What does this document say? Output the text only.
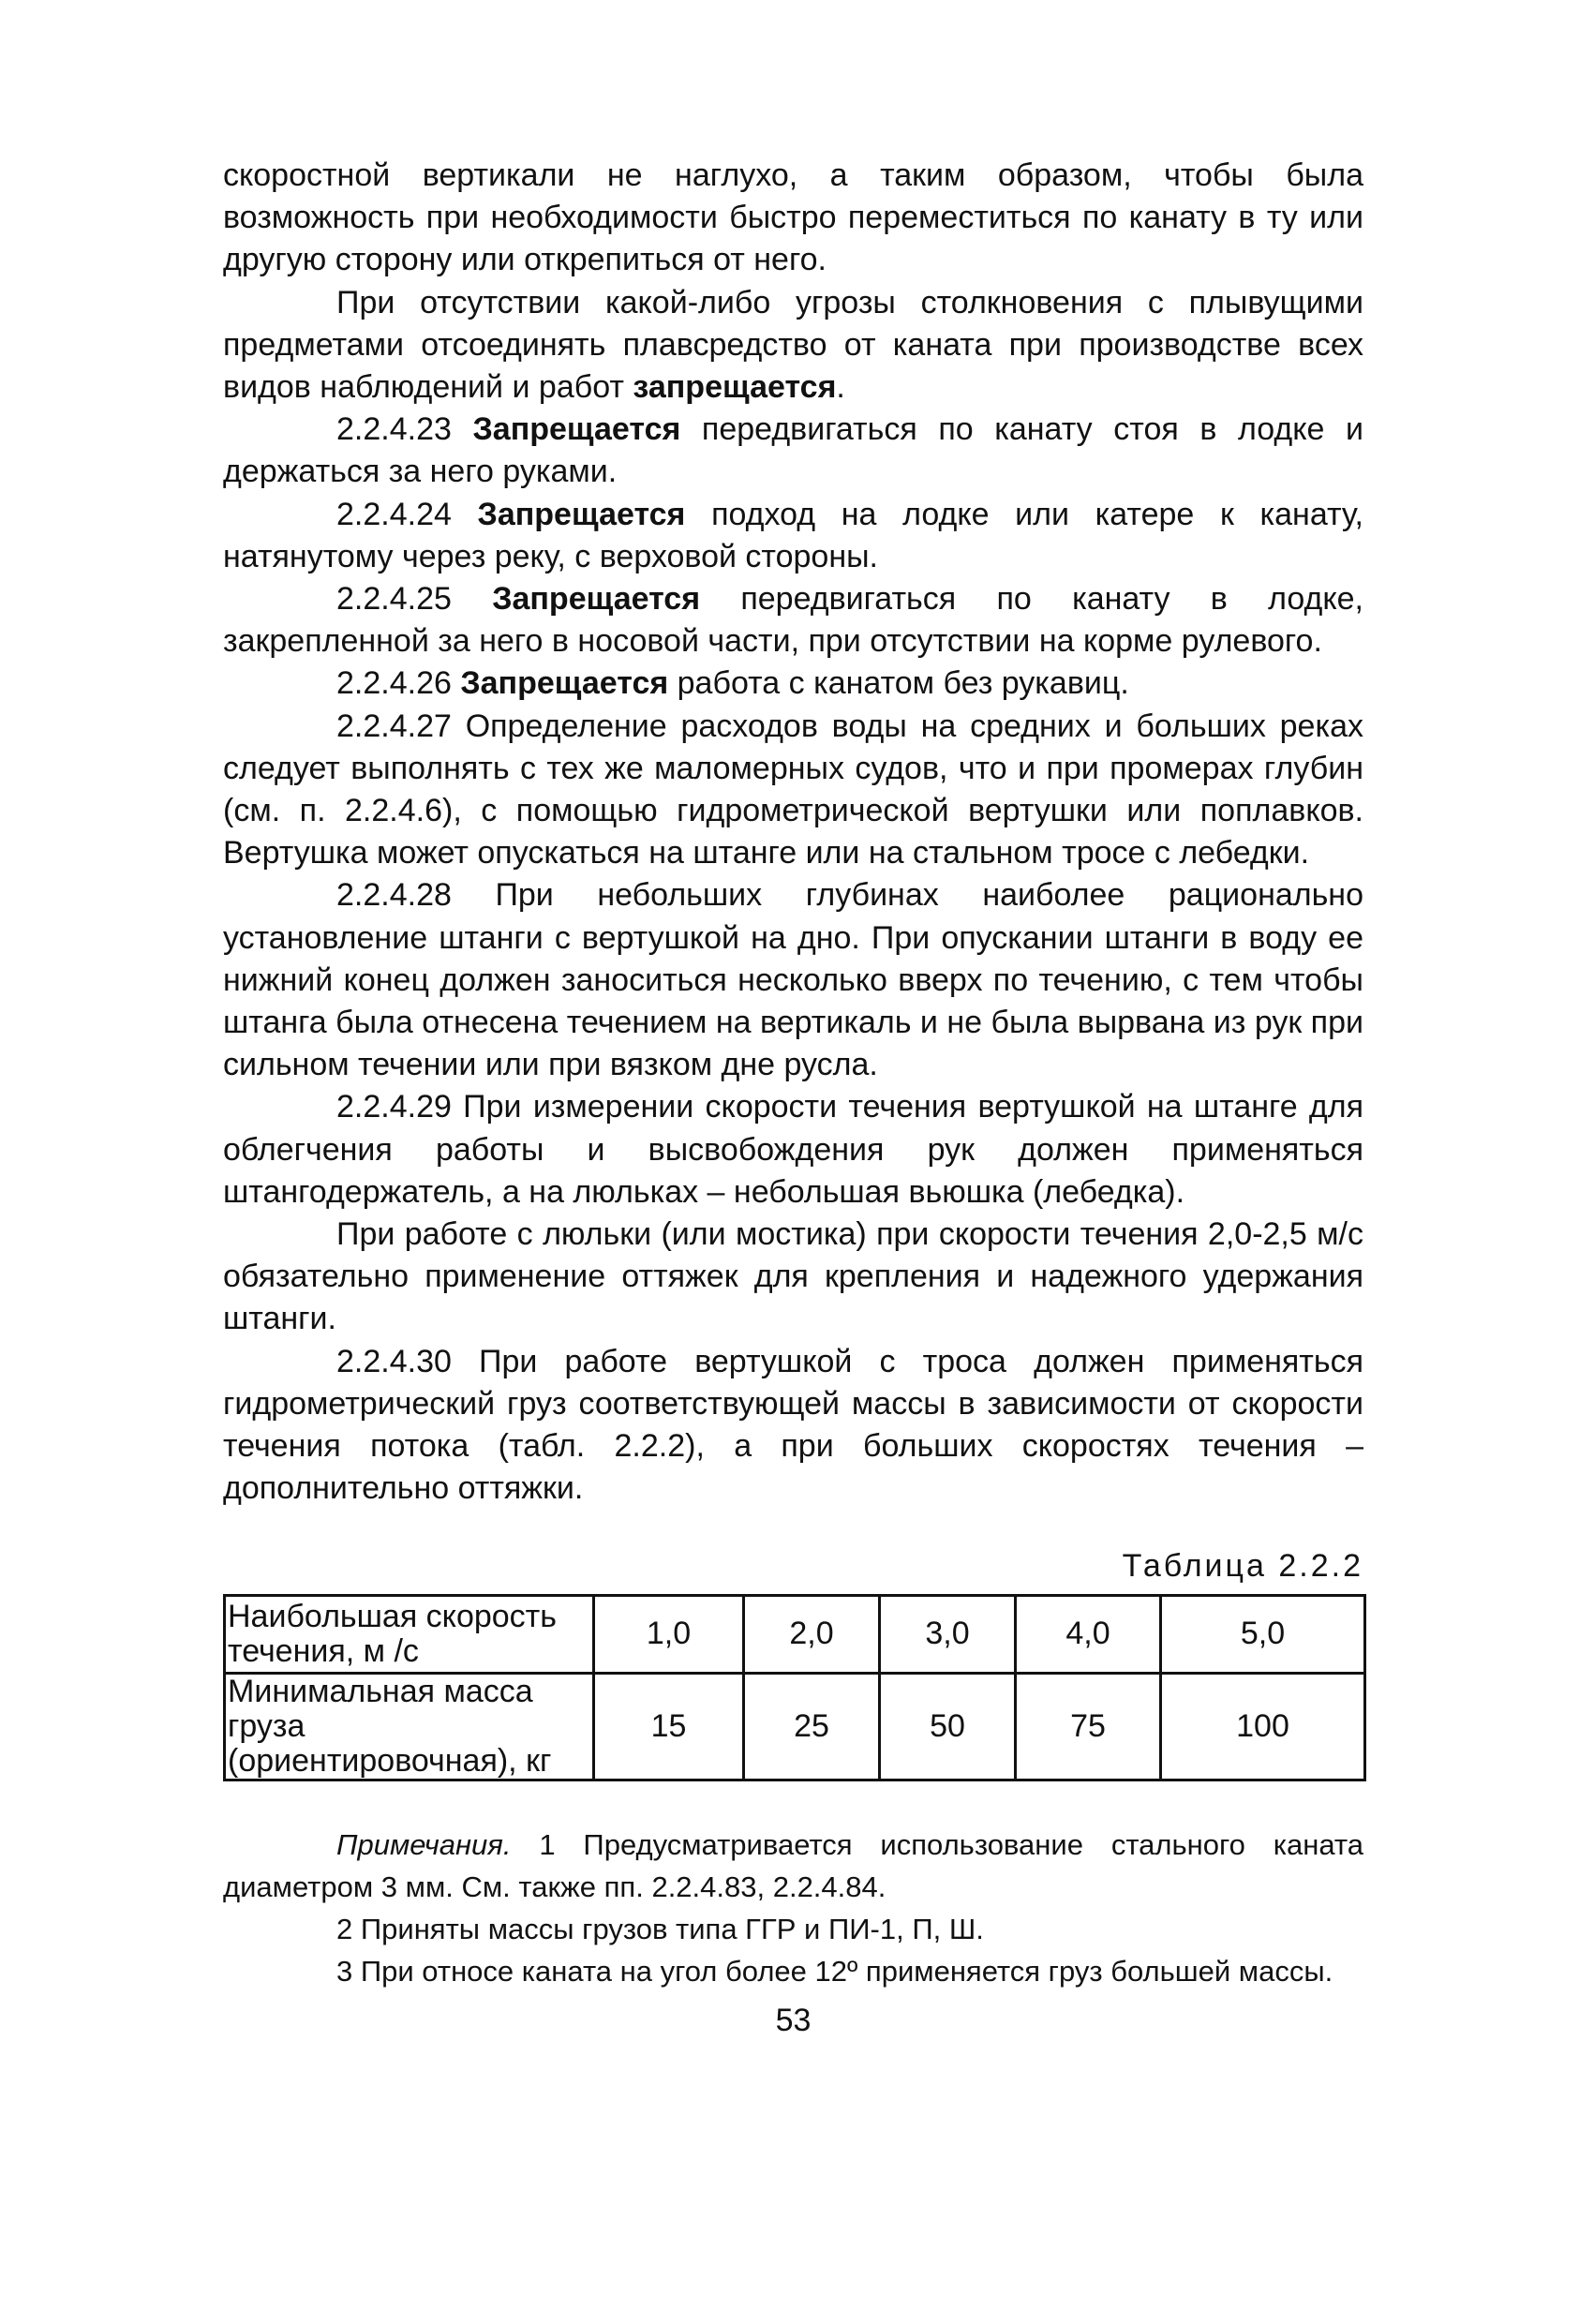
скоростной вертикали не наглухо, а таким образом, чтобы была возможность при необходимости быстро переместиться по канату в ту или другую сторону или открепиться от него.

При отсутствии какой-либо угрозы столкновения с плывущими предметами отсоединять плавсредство от каната при производстве всех видов наблюдений и работ запрещается.

2.2.4.23 Запрещается передвигаться по канату стоя в лодке и держаться за него руками.

2.2.4.24 Запрещается подход на лодке или катере к канату, натянутому через реку, с верховой стороны.

2.2.4.25 Запрещается передвигаться по канату в лодке, закрепленной за него в носовой части, при отсутствии на корме рулевого.

2.2.4.26 Запрещается работа с канатом без рукавиц.

2.2.4.27 Определение расходов воды на средних и больших реках следует выполнять с тех же маломерных судов, что и при промерах глубин (см. п. 2.2.4.6), с помощью гидрометрической вертушки или поплавков. Вертушка может опускаться на штанге или на стальном тросе с лебедки.

2.2.4.28 При небольших глубинах наиболее рационально установление штанги с вертушкой на дно. При опускании штанги в воду ее нижний конец должен заноситься несколько вверх по течению, с тем чтобы штанга была отнесена течением на вертикаль и не была вырвана из рук при сильном течении или при вязком дне русла.

2.2.4.29 При измерении скорости течения вертушкой на штанге для облегчения работы и высвобождения рук должен применяться штангодержатель, а на люльках – небольшая вьюшка (лебедка).

При работе с люльки (или мостика) при скорости течения 2,0-2,5 м/с обязательно применение оттяжек для крепления и надежного удержания штанги.

2.2.4.30 При работе вертушкой с троса должен применяться гидрометрический груз соответствующей массы в зависимости от скорости течения потока (табл. 2.2.2), а при больших скоростях течения – дополнительно оттяжки.

Таблица 2.2.2
Наибольшая скорость течения, м /с	1,0	2,0	3,0	4,0	5,0
Минимальная масса груза (ориентировочная), кг	15	25	50	75	100

Примечания. 1 Предусматривается использование стального каната диаметром 3 мм. См. также пп. 2.2.4.83, 2.2.4.84.

2 Приняты массы грузов типа ГГР и ПИ-1, П, Ш.

3 При относе каната на угол более 12º применяется груз большей массы.

53
